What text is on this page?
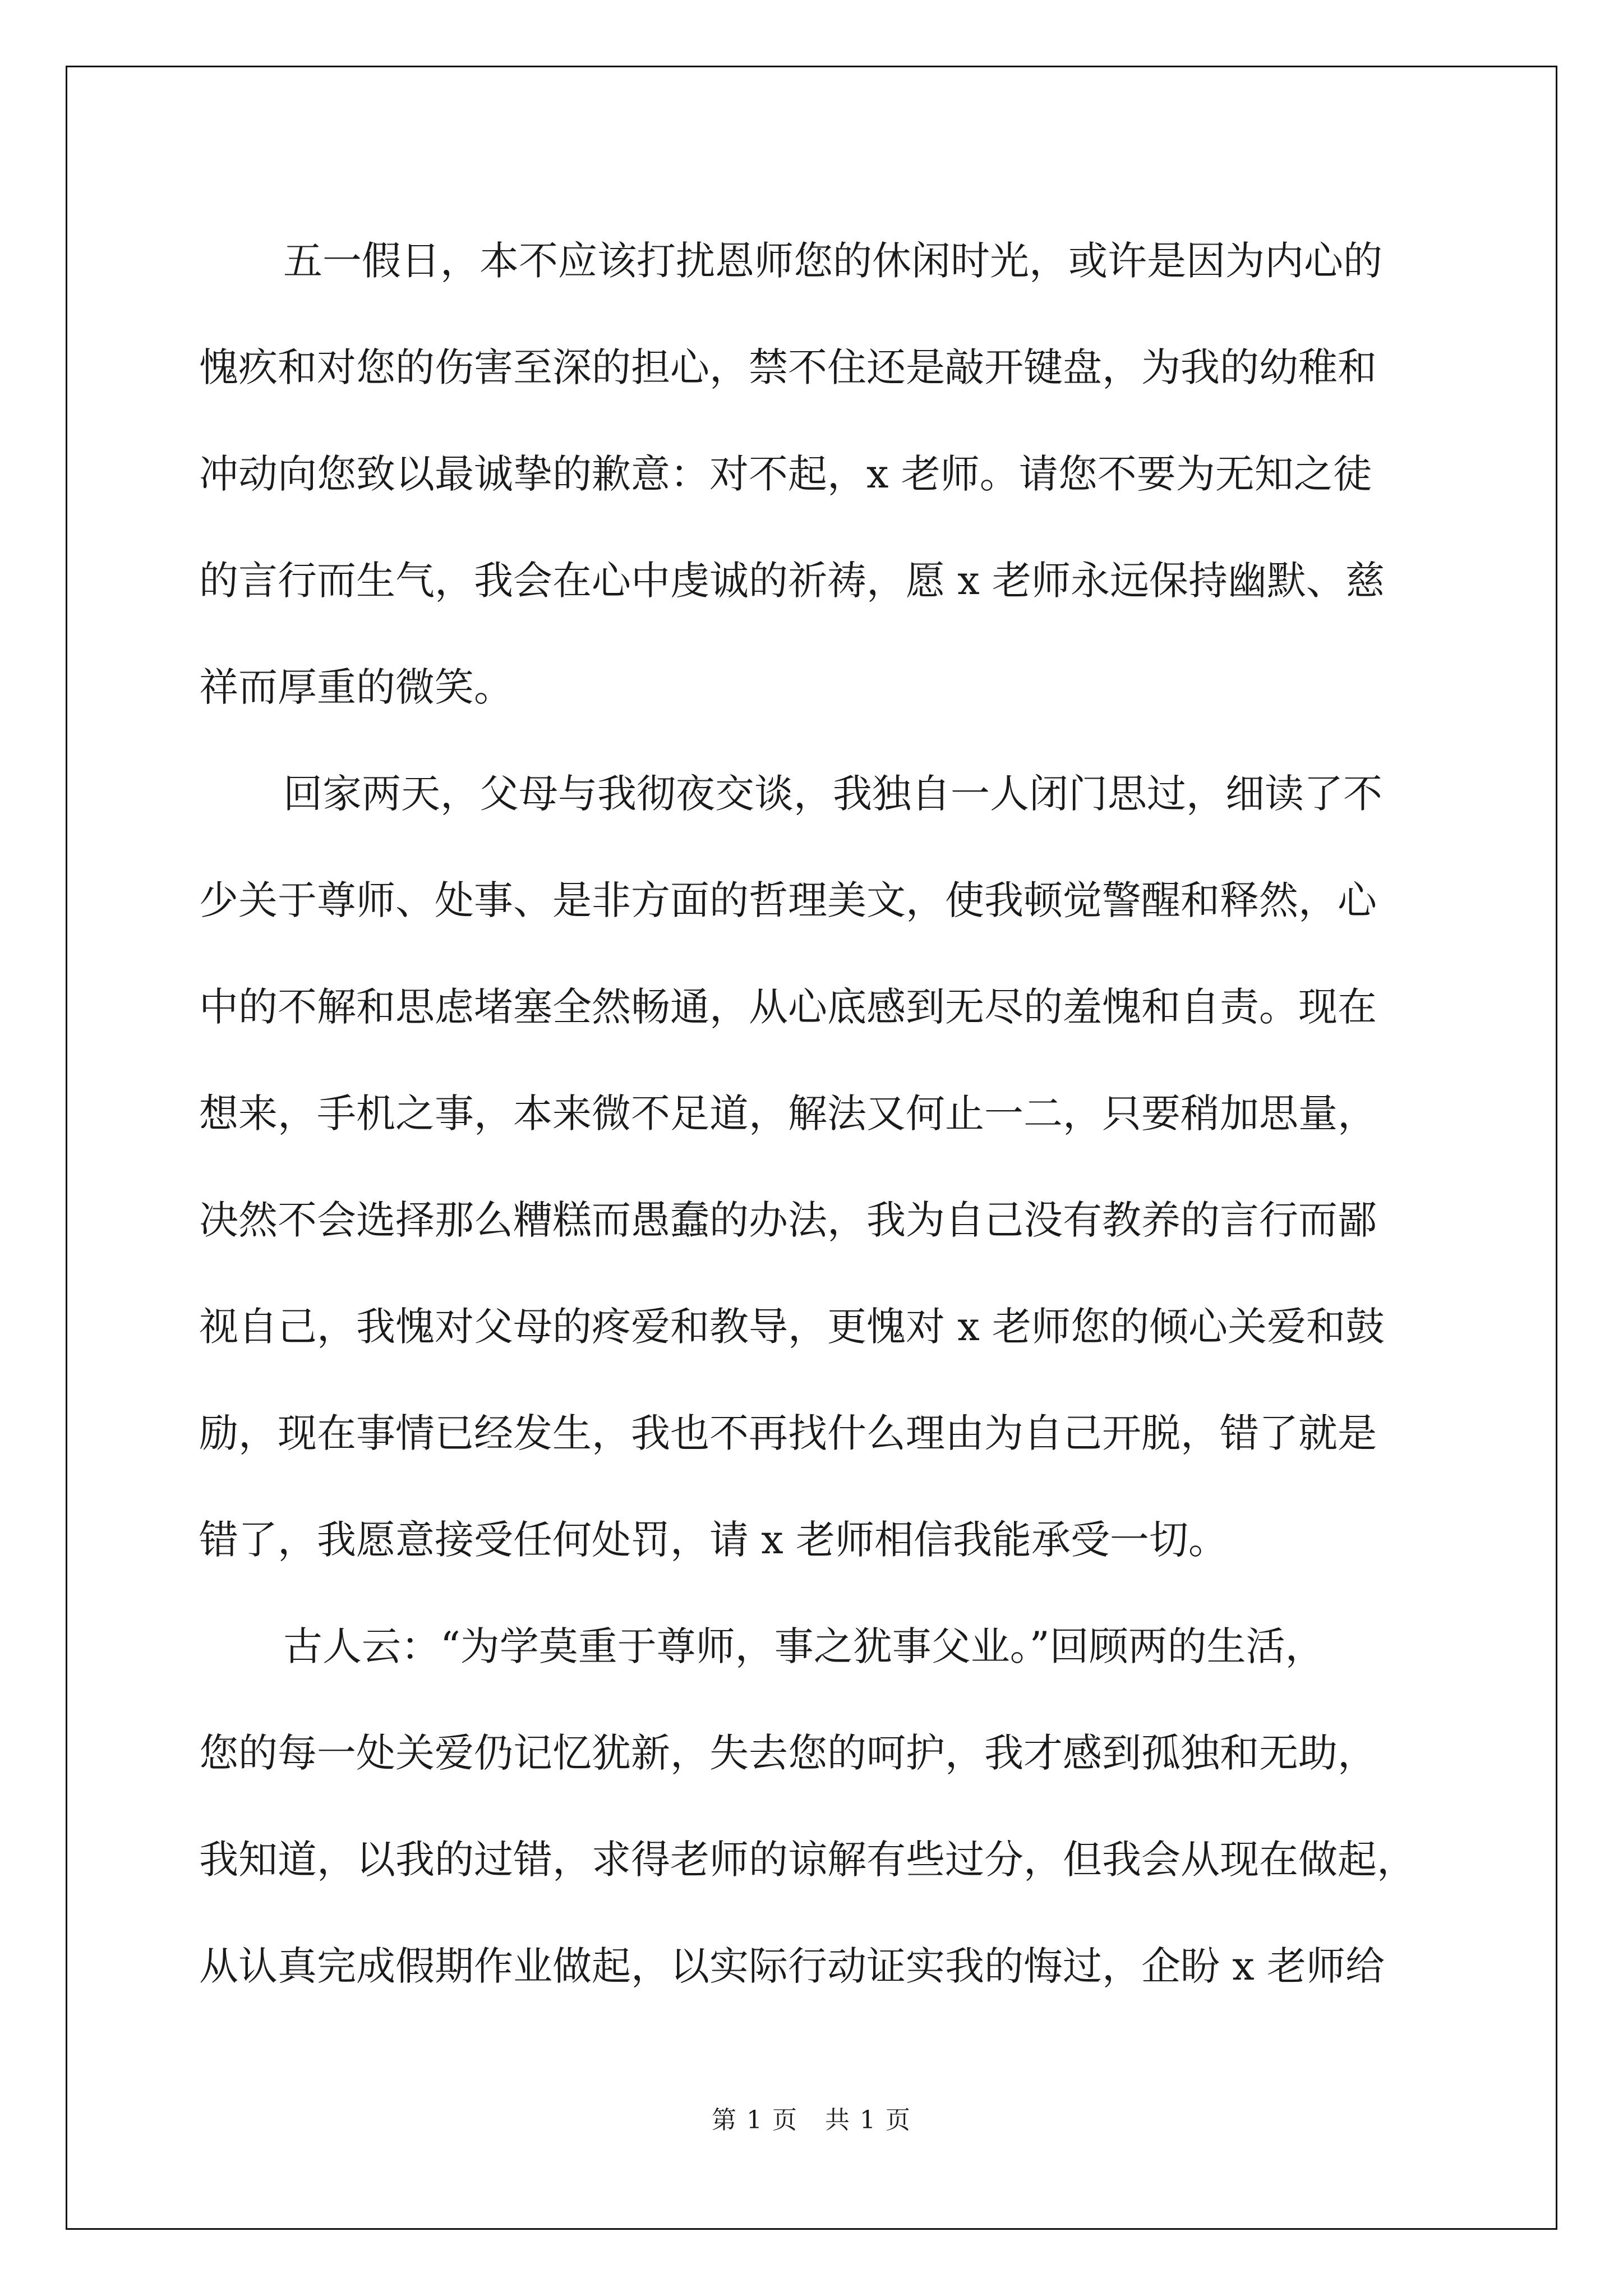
五一假日，本不应该打扰恩师您的休闲时光，或许是因为内心的
愧疚和对您的伤害至深的担心，禁不住还是敲开键盘，为我的幼稚和
冲动向您致以最诚挚的歉意：对不起，x 老师。请您不要为无知之徒
的言行而生气，我会在心中虔诚的祈祷，愿 x 老师永远保持幽默、慈
祥而厚重的微笑。
回家两天，父母与我彻夜交谈，我独自一人闭门思过，细读了不
少关于尊师、处事、是非方面的哲理美文，使我顿觉警醒和释然，心
中的不解和思虑堵塞全然畅通，从心底感到无尽的羞愧和自责。现在
想来，手机之事，本来微不足道，解法又何止一二，只要稍加思量，
决然不会选择那么糟糕而愚蠢的办法，我为自己没有教养的言行而鄙
视自己，我愧对父母的疼爱和教导，更愧对 x 老师您的倾心关爱和鼓
励，现在事情已经发生，我也不再找什么理由为自己开脱，错了就是
错了，我愿意接受任何处罚，请 x 老师相信我能承受一切。
古人云：“为学莫重于尊师，事之犹事父业。”回顾两的生活，
您的每一处关爱仍记忆犹新，失去您的呵护，我才感到孤独和无助，
我知道，以我的过错，求得老师的谅解有些过分，但我会从现在做起，
从认真完成假期作业做起，以实际行动证实我的悔过，企盼 x 老师给
第 1 页 共 1 页
